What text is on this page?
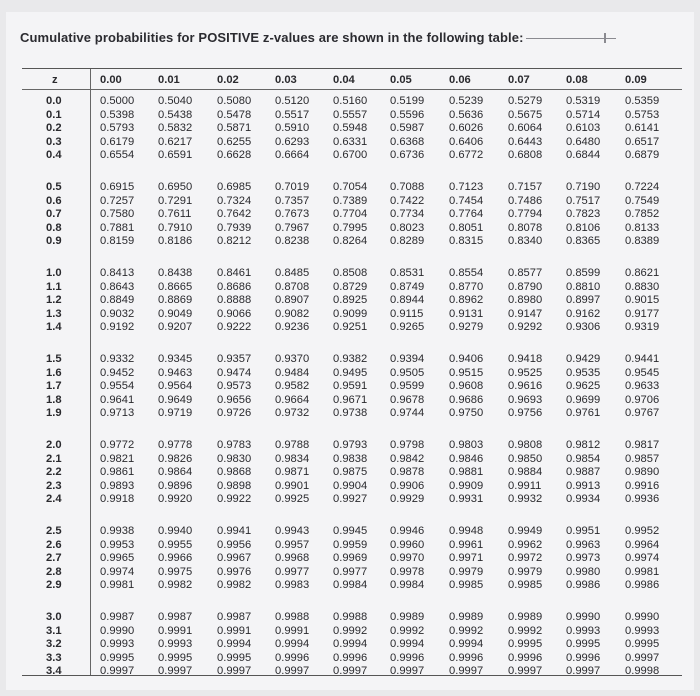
Cumulative probabilities for POSITIVE z-values are shown in the following table:
z	0.00	0.01	0.02	0.03	0.04	0.05	0.06	0.07	0.08	0.09
0.0	0.5000 0.5040 0.5080 0.5120 0.5160 0.5199 0.5239 0.5279 0.5319 0.5359
0.1	0.5398 0.5438 0.5478 0.5517 0.5557 0.5596 0.5636 0.5675 0.5714 0.5753
0.2	0.5793 0.5832 0.5871 0.5910 0.5948 0.5987 0.6026 0.6064 0.6103 0.6141
0.3	0.6179 0.6217 0.6255 0.6293 0.6331 0.6368 0.6406 0.6443 0.6480 0.6517
0.4	0.6554 0.6591 0.6628 0.6664 0.6700 0.6736 0.6772 0.6808 0.6844 0.6879
0.5	0.6915 0.6950 0.6985 0.7019 0.7054 0.7088 0.7123 0.7157 0.7190 0.7224
0.6	0.7257 0.7291 0.7324 0.7357 0.7389 0.7422 0.7454 0.7486 0.7517 0.7549
0.7	0.7580 0.7611 0.7642 0.7673 0.7704 0.7734 0.7764 0.7794 0.7823 0.7852
0.8	0.7881 0.7910 0.7939 0.7967 0.7995 0.8023 0.8051 0.8078 0.8106 0.8133
0.9	0.8159 0.8186 0.8212 0.8238 0.8264 0.8289 0.8315 0.8340 0.8365 0.8389
1.0	0.8413 0.8438 0.8461 0.8485 0.8508 0.8531 0.8554 0.8577 0.8599 0.8621
1.1	0.8643 0.8665 0.8686 0.8708 0.8729 0.8749 0.8770 0.8790 0.8810 0.8830
1.2	0.8849 0.8869 0.8888 0.8907 0.8925 0.8944 0.8962 0.8980 0.8997 0.9015
1.3	0.9032 0.9049 0.9066 0.9082 0.9099 0.9115 0.9131 0.9147 0.9162 0.9177
1.4	0.9192 0.9207 0.9222 0.9236 0.9251 0.9265 0.9279 0.9292 0.9306 0.9319
1.5	0.9332 0.9345 0.9357 0.9370 0.9382 0.9394 0.9406 0.9418 0.9429 0.9441
1.6	0.9452 0.9463 0.9474 0.9484 0.9495 0.9505 0.9515 0.9525 0.9535 0.9545
1.7	0.9554 0.9564 0.9573 0.9582 0.9591 0.9599 0.9608 0.9616 0.9625 0.9633
1.8	0.9641 0.9649 0.9656 0.9664 0.9671 0.9678 0.9686 0.9693 0.9699 0.9706
1.9	0.9713 0.9719 0.9726 0.9732 0.9738 0.9744 0.9750 0.9756 0.9761 0.9767
2.0	0.9772 0.9778 0.9783 0.9788 0.9793 0.9798 0.9803 0.9808 0.9812 0.9817
2.1	0.9821 0.9826 0.9830 0.9834 0.9838 0.9842 0.9846 0.9850 0.9854 0.9857
2.2	0.9861 0.9864 0.9868 0.9871 0.9875 0.9878 0.9881 0.9884 0.9887 0.9890
2.3	0.9893 0.9896 0.9898 0.9901 0.9904 0.9906 0.9909 0.9911 0.9913 0.9916
2.4	0.9918 0.9920 0.9922 0.9925 0.9927 0.9929 0.9931 0.9932 0.9934 0.9936
2.5	0.9938 0.9940 0.9941 0.9943 0.9945 0.9946 0.9948 0.9949 0.9951 0.9952
2.6	0.9953 0.9955 0.9956 0.9957 0.9959 0.9960 0.9961 0.9962 0.9963 0.9964
2.7	0.9965 0.9966 0.9967 0.9968 0.9969 0.9970 0.9971 0.9972 0.9973 0.9974
2.8	0.9974 0.9975 0.9976 0.9977 0.9977 0.9978 0.9979 0.9979 0.9980 0.9981
2.9	0.9981 0.9982 0.9982 0.9983 0.9984 0.9984 0.9985 0.9985 0.9986 0.9986
3.0	0.9987 0.9987 0.9987 0.9988 0.9988 0.9989 0.9989 0.9989 0.9990 0.9990
3.1	0.9990 0.9991 0.9991 0.9991 0.9992 0.9992 0.9992 0.9992 0.9993 0.9993
3.2	0.9993 0.9993 0.9994 0.9994 0.9994 0.9994 0.9994 0.9995 0.9995 0.9995
3.3	0.9995 0.9995 0.9995 0.9996 0.9996 0.9996 0.9996 0.9996 0.9996 0.9997
3.4	0.9997 0.9997 0.9997 0.9997 0.9997 0.9997 0.9997 0.9997 0.9997 0.9998
